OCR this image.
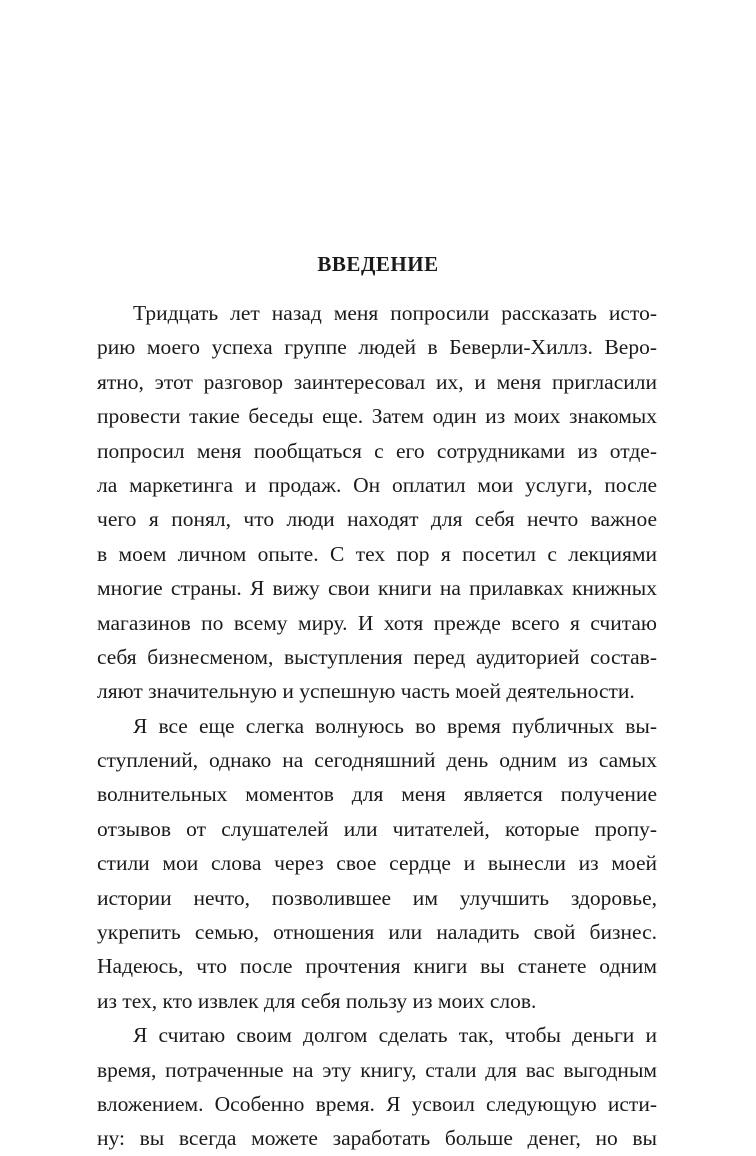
ВВЕДЕНИЕ
Тридцать лет назад меня попросили рассказать исто-
рию моего успеха группе людей в Беверли-Хиллз. Веро-
ятно, этот разговор заинтересовал их, и меня пригласили
провести такие беседы еще. Затем один из моих знакомых
попросил меня пообщаться с его сотрудниками из отде-
ла маркетинга и продаж. Он оплатил мои услуги, после
чего я понял, что люди находят для себя нечто важное
в моем личном опыте. С тех пор я посетил с лекциями
многие страны. Я вижу свои книги на прилавках книжных
магазинов по всему миру. И хотя прежде всего я считаю
себя бизнесменом, выступления перед аудиторией состав-
ляют значительную и успешную часть моей деятельности.
Я все еще слегка волнуюсь во время публичных вы-
ступлений, однако на сегодняшний день одним из самых
волнительных моментов для меня является получение
отзывов от слушателей или читателей, которые пропу-
стили мои слова через свое сердце и вынесли из моей
истории нечто, позволившее им улучшить здоровье,
укрепить семью, отношения или наладить свой бизнес.
Надеюсь, что после прочтения книги вы станете одним
из тех, кто извлек для себя пользу из моих слов.
Я считаю своим долгом сделать так, чтобы деньги и
время, потраченные на эту книгу, стали для вас выгодным
вложением. Особенно время. Я усвоил следующую исти-
ну: вы всегда можете заработать больше денег, но вы
